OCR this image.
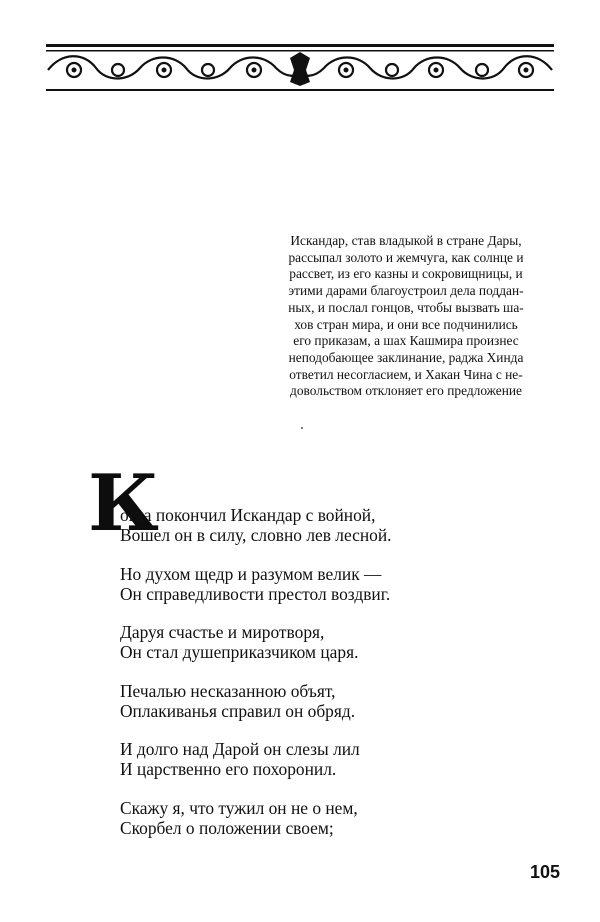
Искандар, став владыкой в стране Дары,
рассыпал золото и жемчуга, как солнце и
рассвет, из его казны и сокровищницы, и
этими дарами благоустроил дела поддан-
ных, и послал гонцов, чтобы вызвать ша-
хов стран мира, и они все подчинились
его приказам, а шах Кашмира произнес
неподобающее заклинание, раджа Хинда
ответил несогласием, и Хакан Чина с не-
довольством отклоняет его предложение
К
огда покончил Искандар с войной,
Вошел он в силу, словно лев лесной.
Но духом щедр и разумом велик —
Он справедливости престол воздвиг.
Даруя счастье и миротворя,
Он стал душеприказчиком царя.
Печалью несказанною объят,
Оплакиванья справил он обряд.
И долго над Дарой он слезы лил
И царственно его похоронил.
Скажу я, что тужил он не о нем,
Скорбел о положении своем;
105
